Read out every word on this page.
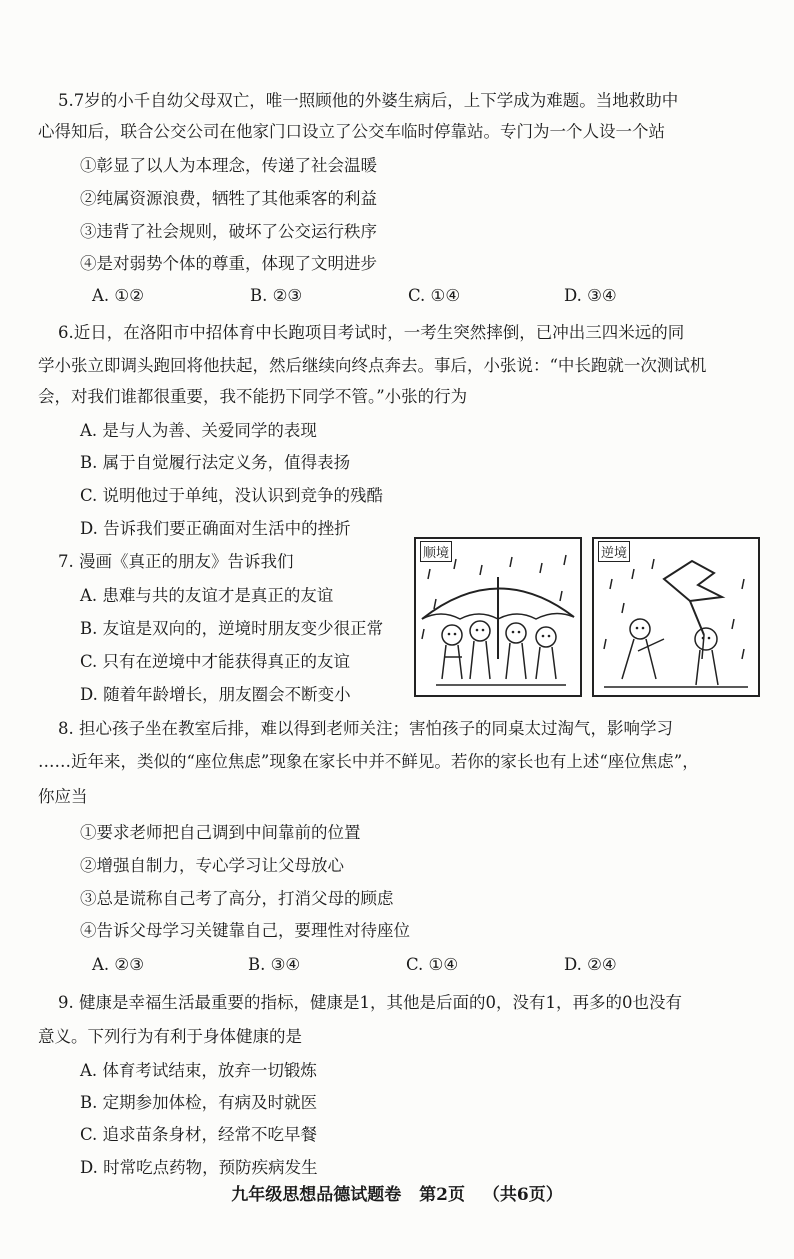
5.7岁的小千自幼父母双亡，唯一照顾他的外婆生病后，上下学成为难题。当地救助中
心得知后，联合公交公司在他家门口设立了公交车临时停靠站。专门为一个人设一个站
①彰显了以人为本理念，传递了社会温暖
②纯属资源浪费，牺牲了其他乘客的利益
③违背了社会规则，破坏了公交运行秩序
④是对弱势个体的尊重，体现了文明进步
A. ①②	B. ②③	C. ①④	D. ③④
6.近日，在洛阳市中招体育中长跑项目考试时，一考生突然摔倒，已冲出三四米远的同
学小张立即调头跑回将他扶起，然后继续向终点奔去。事后，小张说：“中长跑就一次测试机
会，对我们谁都很重要，我不能扔下同学不管。”小张的行为
A. 是与人为善、关爱同学的表现
B. 属于自觉履行法定义务，值得表扬
C. 说明他过于单纯，没认识到竞争的残酷
D. 告诉我们要正确面对生活中的挫折
7. 漫画《真正的朋友》告诉我们
A. 患难与共的友谊才是真正的友谊
B. 友谊是双向的，逆境时朋友变少很正常
C. 只有在逆境中才能获得真正的友谊
D. 随着年龄增长，朋友圈会不断变小
顺境	逆境
8. 担心孩子坐在教室后排，难以得到老师关注；害怕孩子的同桌太过淘气，影响学习
……近年来，类似的“座位焦虑”现象在家长中并不鲜见。若你的家长也有上述“座位焦虑”，
你应当
①要求老师把自己调到中间靠前的位置
②增强自制力，专心学习让父母放心
③总是谎称自己考了高分，打消父母的顾虑
④告诉父母学习关键靠自己，要理性对待座位
A. ②③	B. ③④	C. ①④	D. ②④
9. 健康是幸福生活最重要的指标，健康是1，其他是后面的0，没有1，再多的0也没有
意义。下列行为有利于身体健康的是
A. 体育考试结束，放弃一切锻炼
B. 定期参加体检，有病及时就医
C. 追求苗条身材，经常不吃早餐
D. 时常吃点药物，预防疾病发生
九年级思想品德试题卷 第2页 （共6页）
